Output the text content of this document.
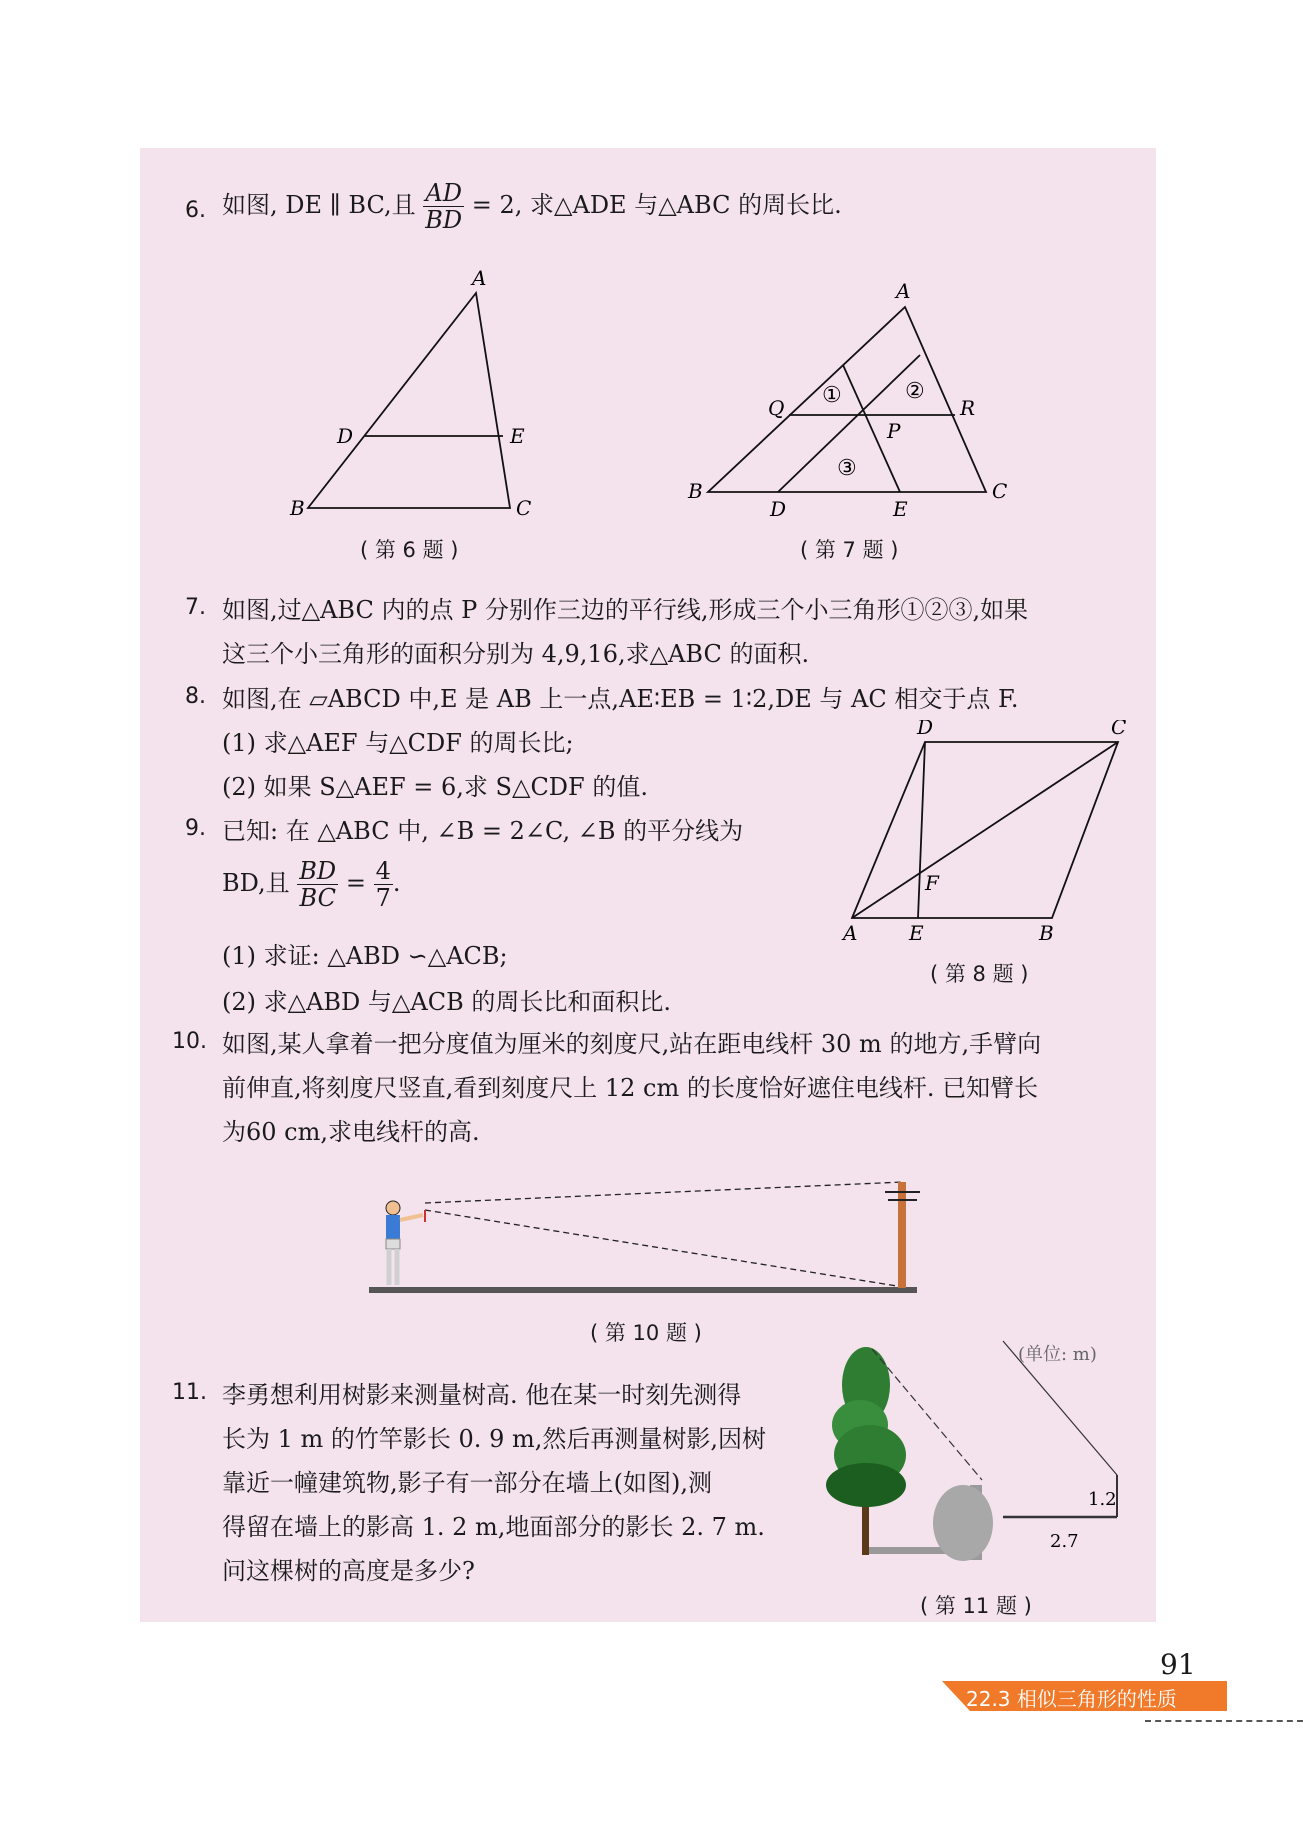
6. 如图, DE ∥ BC,且 $\frac{AD}{BD} = 2$, 求△ADE 与△ABC 的周长比.
A
D	E
B	C
( 第 6 题 )
A
Q	R
P
B	C
D	E
①	②
③
( 第 7 题 )
7. 如图,过△ABC 内的点 P 分别作三边的平行线,形成三个小三角形①②③,如果
这三个小三角形的面积分别为 4,9,16,求△ABC 的面积.
8. 如图,在 ▱ABCD 中,E 是 AB 上一点,AE∶EB = 1∶2,DE 与 AC 相交于点 F.
(1) 求△AEF 与△CDF 的周长比;
(2) 如果 S△AEF = 6,求 S△CDF 的值.
D	C
F
A	E	B
( 第 8 题 )
9. 已知: 在 △ABC 中, ∠B = 2∠C, ∠B 的平分线为
BD,且 $\frac{BD}{BC} = \frac{4}{7}$ .
(1) 求证: △ABD ∽△ACB;
(2) 求△ABD 与△ACB 的周长比和面积比.
10. 如图,某人拿着一把分度值为厘米的刻度尺,站在距电线杆 30 m 的地方,手臂向
前伸直,将刻度尺竖直,看到刻度尺上 12 cm 的长度恰好遮住电线杆. 已知臂长
为60 cm,求电线杆的高.
( 第 10 题 )
11. 李勇想利用树影来测量树高. 他在某一时刻先测得
长为 1 m 的竹竿影长 0. 9 m,然后再测量树影,因树
靠近一幢建筑物,影子有一部分在墙上(如图),测
得留在墙上的影高 1. 2 m,地面部分的影长 2. 7 m.
问这棵树的高度是多少?
(单位: m)
1.2
2.7
( 第 11 题 )
91
22.3 相似三角形的性质
